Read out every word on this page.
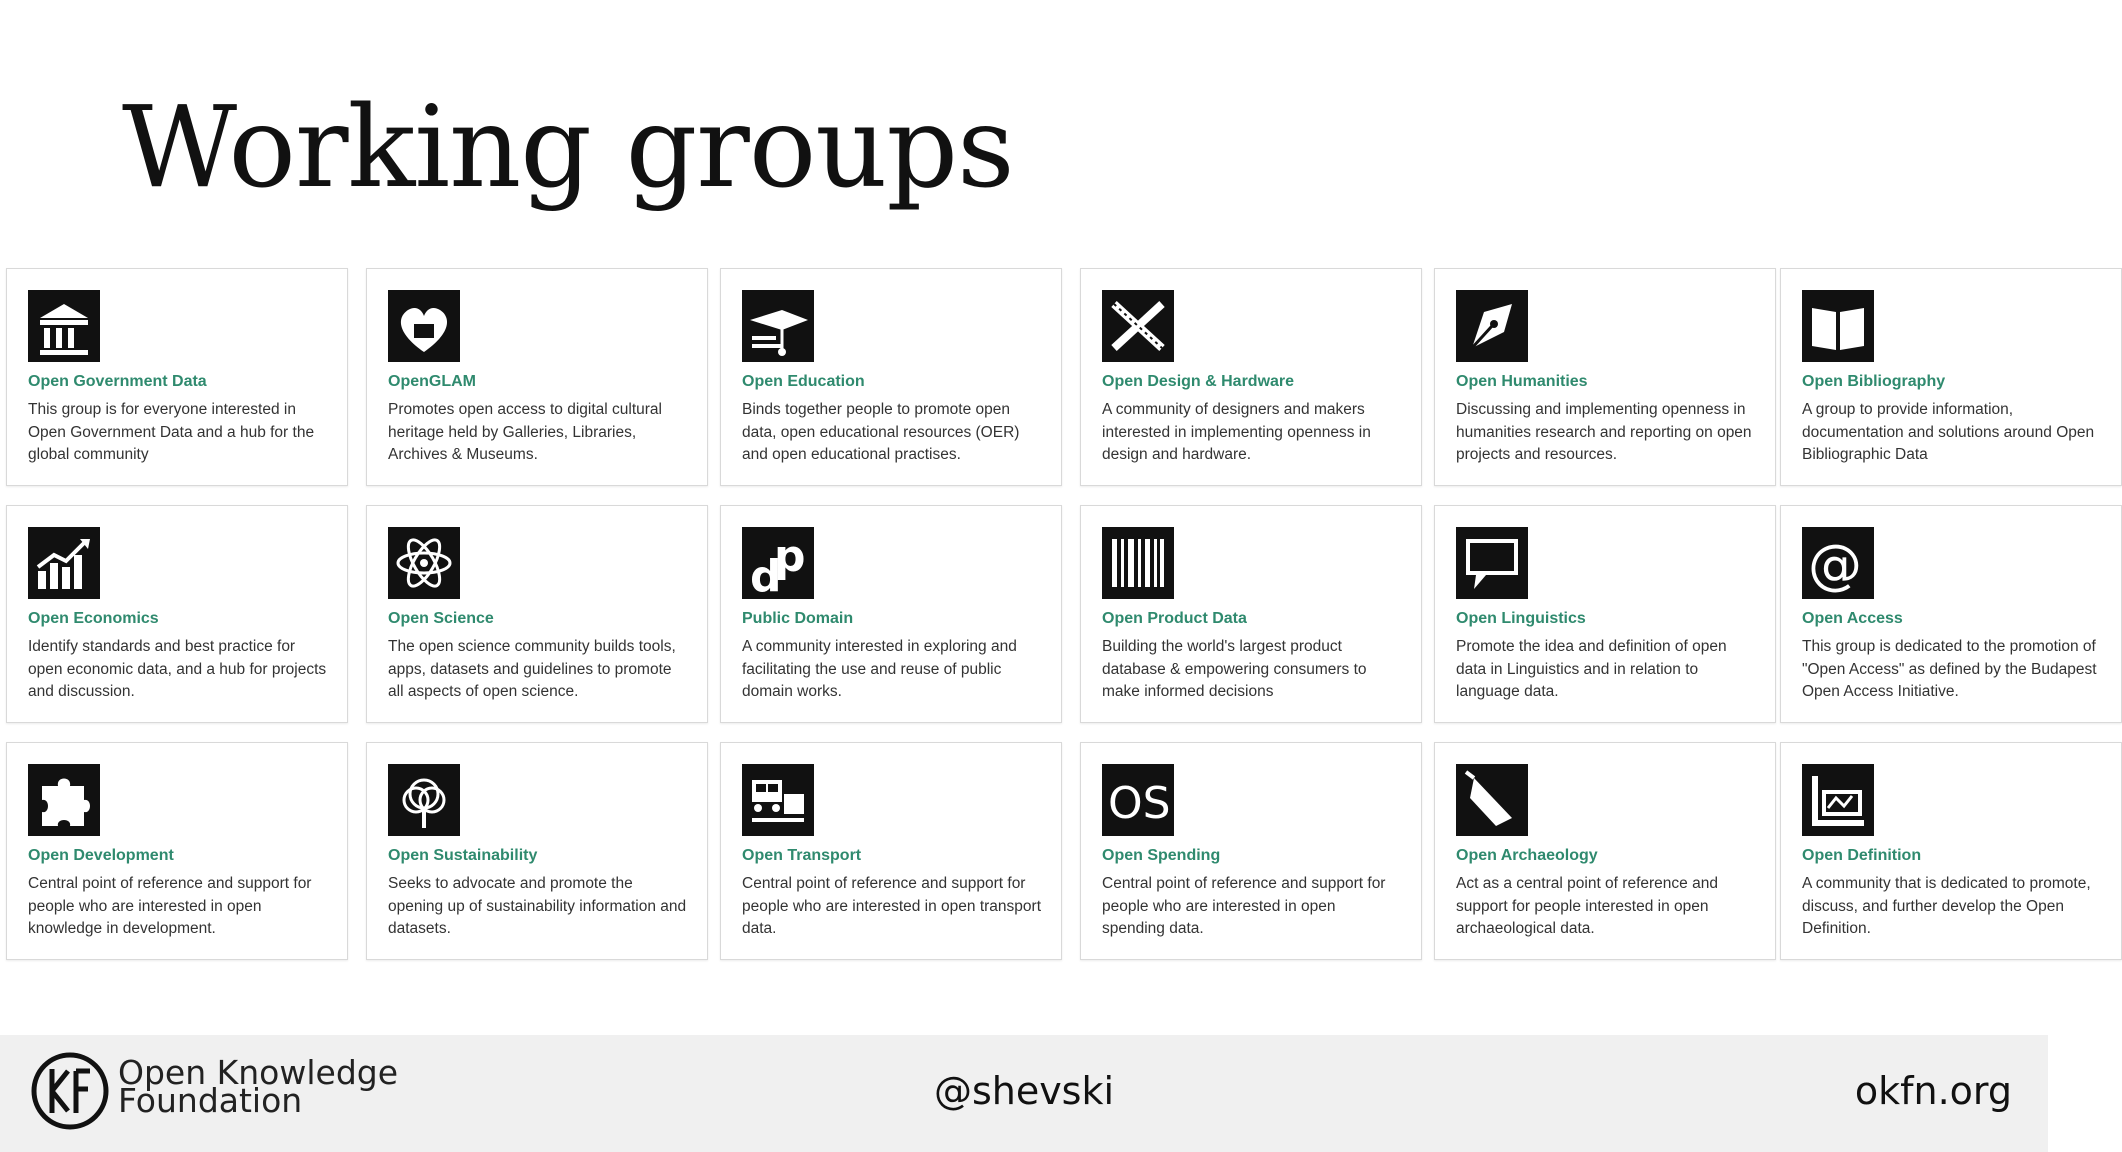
Working groups
Open Government Data

This group is for everyone interested in Open Government Data and a hub for the global community

OpenGLAM

Promotes open access to digital cultural heritage held by Galleries, Libraries, Archives & Museums.

Open Education

Binds together people to promote open data, open educational resources (OER) and open educational practises.

Open Design & Hardware

A community of designers and makers interested in implementing openness in design and hardware.

Open Humanities

Discussing and implementing openness in humanities research and reporting on open projects and resources.

Open Bibliography

A group to provide information, documentation and solutions around Open Bibliographic Data

Open Economics

Identify standards and best practice for open economic data, and a hub for projects and discussion.

Open Science

The open science community builds tools, apps, datasets and guidelines to promote all aspects of open science.

d
p
Public Domain

A community interested in exploring and facilitating the use and reuse of public domain works.

Open Product Data

Building the world's largest product database & empowering consumers to make informed decisions

Open Linguistics

Promote the idea and definition of open data in Linguistics and in relation to language data.

@
Open Access

This group is dedicated to the promotion of "Open Access" as defined by the Budapest Open Access Initiative.

Open Development

Central point of reference and support for people who are interested in open knowledge in development.

Open Sustainability

Seeks to advocate and promote the opening up of sustainability information and datasets.

Open Transport

Central point of reference and support for people who are interested in open transport data.

OS
Open Spending

Central point of reference and support for people who are interested in open spending data.

Open Archaeology

Act as a central point of reference and support for people interested in open archaeological data.

Open Definition

A community that is dedicated to promote, discuss, and further develop the Open Definition.

Open Knowledge
Foundation	@shevski	okfn.org
